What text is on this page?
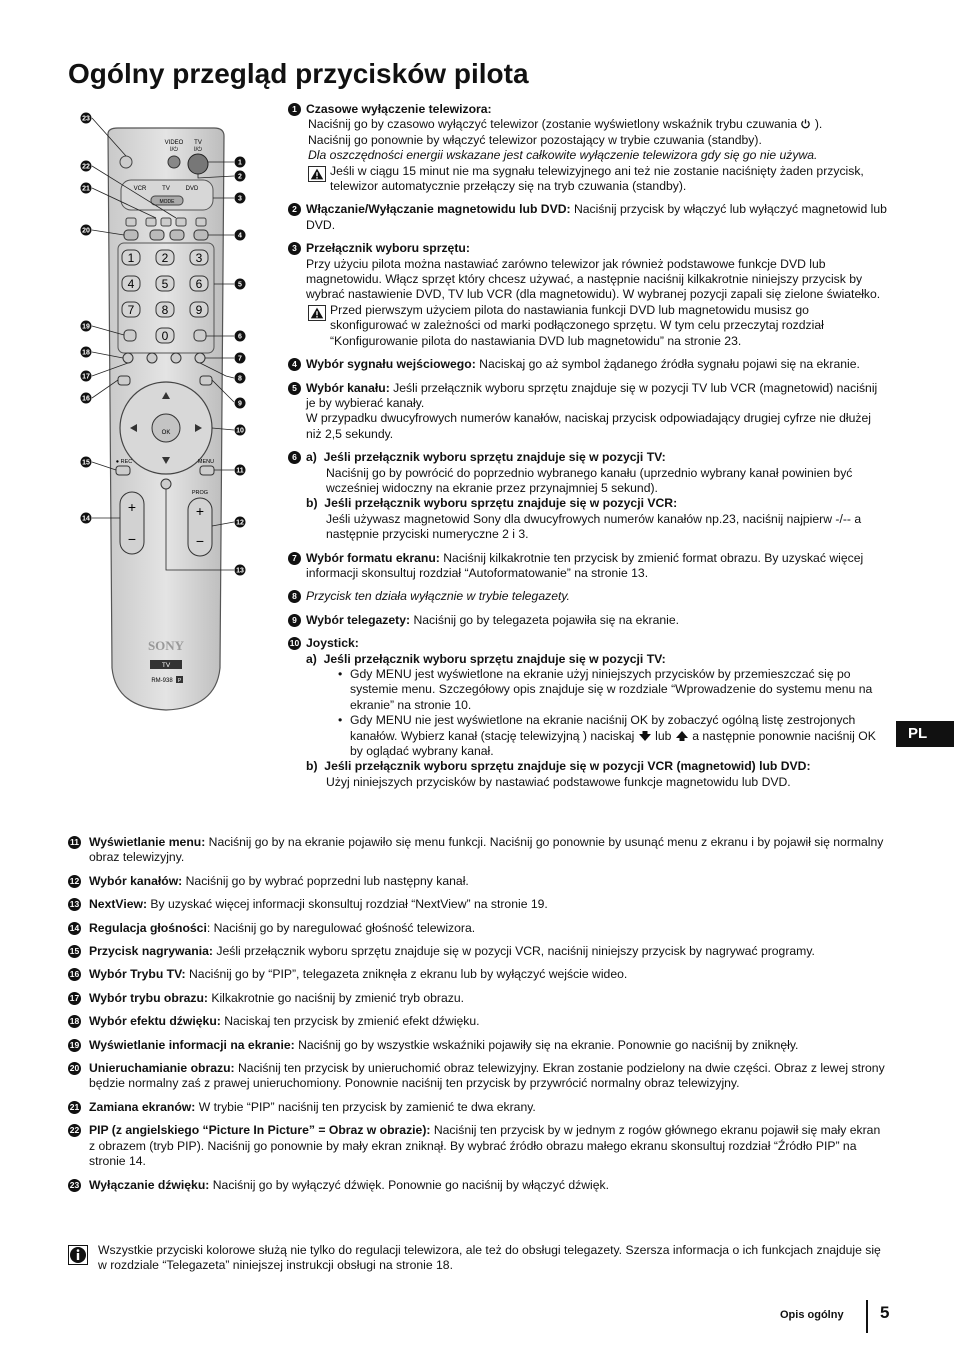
Ogólny przegląd przycisków pilota
VIDEO
I/⏻
TV
I/⏻
VCR	TV	DVD
MODE
1 2 3
4 5 6
7 8 9
0
OK
● REC	MENU
+
−
PROG
+
−
SONY
TV
RM-938 P
1
2
3
4
5
6
7
8
9
10
11
12
13
14
15
16
17
18
19
20
21
22
23
1 Czasowe wyłączenie telewizora:
Naciśnij go by czasowo wyłączyć telewizor (zostanie wyświetlony wskaźnik trybu czuwania ).
Naciśnij go ponownie by włączyć telewizor pozostający w trybie czuwania (standby).
Dla oszczędności energii wskazane jest całkowite wyłączenie telewizora gdy się go nie używa.
Jeśli w ciągu 15 minut nie ma sygnału telewizyjnego ani też nie zostanie naciśnięty żaden przycisk, telewizor automatycznie przełączy się na tryb czuwania (standby).
2 Włączanie/Wyłączanie magnetowidu lub DVD: Naciśnij przycisk by włączyć lub wyłączyć magnetowid lub DVD.
3 Przełącznik wyboru sprzętu:
Przy użyciu pilota można nastawiać zarówno telewizor jak również podstawowe funkcje DVD lub magnetowidu. Włącz sprzęt który chcesz używać, a następnie naciśnij kilkakrotnie niniejszy przycisk by wybrać nastawienie DVD, TV lub VCR (dla magnetowidu). W wybranej pozycji zapali się zielone światełko.
Przed pierwszym użyciem pilota do nastawiania funkcji DVD lub magnetowidu musisz go skonfigurować w zależności od marki podłączonego sprzętu. W tym celu przeczytaj rozdział “Konfigurowanie pilota do nastawiania DVD lub magnetowidu” na stronie 23.
4 Wybór sygnału wejściowego: Naciskaj go aż symbol żądanego źródła sygnału pojawi się na ekranie.
5 Wybór kanału: Jeśli przełącznik wyboru sprzętu znajduje się w pozycji TV lub VCR (magnetowid) naciśnij je by wybierać kanały.
W przypadku dwucyfrowych numerów kanałów, naciskaj przycisk odpowiadający drugiej cyfrze nie dłużej niż 2,5 sekundy.
6 a) Jeśli przełącznik wyboru sprzętu znajduje się w pozycji TV:
Naciśnij go by powrócić do poprzednio wybranego kanału (uprzednio wybrany kanał powinien być wcześniej widoczny na ekranie przez przynajmniej 5 sekund).
b) Jeśli przełącznik wyboru sprzętu znajduje się w pozycji VCR:
Jeśli używasz magnetowid Sony dla dwucyfrowych numerów kanałów np.23, naciśnij najpierw -/-- a następnie przyciski numeryczne 2 i 3.
7 Wybór formatu ekranu: Naciśnij kilkakrotnie ten przycisk by zmienić format obrazu. By uzyskać więcej informacji skonsultuj rozdział “Autoformatowanie” na stronie 13.
8 Przycisk ten działa wyłącznie w trybie telegazety.
9 Wybór telegazety: Naciśnij go by telegazeta pojawiła się na ekranie.
10 Joystick:
a) Jeśli przełącznik wyboru sprzętu znajduje się w pozycji TV:
• Gdy MENU jest wyświetlone na ekranie użyj niniejszych przycisków by przemieszczać się po systemie menu. Szczegółowy opis znajduje się w rozdziale “Wprowadzenie do systemu menu na ekranie” na stronie 10.
• Gdy MENU nie jest wyświetlone na ekranie naciśnij OK by zobaczyć ogólną listę zestrojonych kanałów. Wybierz kanał (stację telewizyjną ) naciskaj lub a następnie ponownie naciśnij OK by oglądać wybrany kanał.
b) Jeśli przełącznik wyboru sprzętu znajduje się w pozycji VCR (magnetowid) lub DVD:
Użyj niniejszych przycisków by nastawiać podstawowe funkcje magnetowidu lub DVD.
PL
11 Wyświetlanie menu: Naciśnij go by na ekranie pojawiło się menu funkcji. Naciśnij go ponownie by usunąć menu z ekranu i by pojawił się normalny obraz telewizyjny.
12 Wybór kanałów: Naciśnij go by wybrać poprzedni lub następny kanał.
13 NextView: By uzyskać więcej informacji skonsultuj rozdział “NextView” na stronie 19.
14 Regulacja głośności: Naciśnij go by naregulować głośność telewizora.
15 Przycisk nagrywania: Jeśli przełącznik wyboru sprzętu znajduje się w pozycji VCR, naciśnij niniejszy przycisk by nagrywać programy.
16 Wybór Trybu TV: Naciśnij go by “PIP”, telegazeta zniknęła z ekranu lub by wyłączyć wejście wideo.
17 Wybór trybu obrazu: Kilkakrotnie go naciśnij by zmienić tryb obrazu.
18 Wybór efektu dźwięku: Naciskaj ten przycisk by zmienić efekt dźwięku.
19 Wyświetlanie informacji na ekranie: Naciśnij go by wszystkie wskaźniki pojawiły się na ekranie. Ponownie go naciśnij by zniknęły.
20 Unieruchamianie obrazu: Naciśnij ten przycisk by unieruchomić obraz telewizyjny. Ekran zostanie podzielony na dwie części. Obraz z lewej strony będzie normalny zaś z prawej unieruchomiony. Ponownie naciśnij ten przycisk by przywrócić normalny obraz telewizyjny.
21 Zamiana ekranów: W trybie “PIP” naciśnij ten przycisk by zamienić te dwa ekrany.
22 PIP (z angielskiego “Picture In Picture” = Obraz w obrazie): Naciśnij ten przycisk by w jednym z rogów głównego ekranu pojawił się mały ekran z obrazem (tryb PIP). Naciśnij go ponownie by mały ekran zniknął. By wybrać źródło obrazu małego ekranu skonsultuj rozdział “Źródło PIP” na stronie 14.
23 Wyłączanie dźwięku: Naciśnij go by wyłączyć dźwięk. Ponownie go naciśnij by włączyć dźwięk.
Wszystkie przyciski kolorowe służą nie tylko do regulacji telewizora, ale też do obsługi telegazety. Szersza informacja o ich funkcjach znajduje się w rozdziale “Telegazeta” niniejszej instrukcji obsługi na stronie 18.
Opis ogólny 5
